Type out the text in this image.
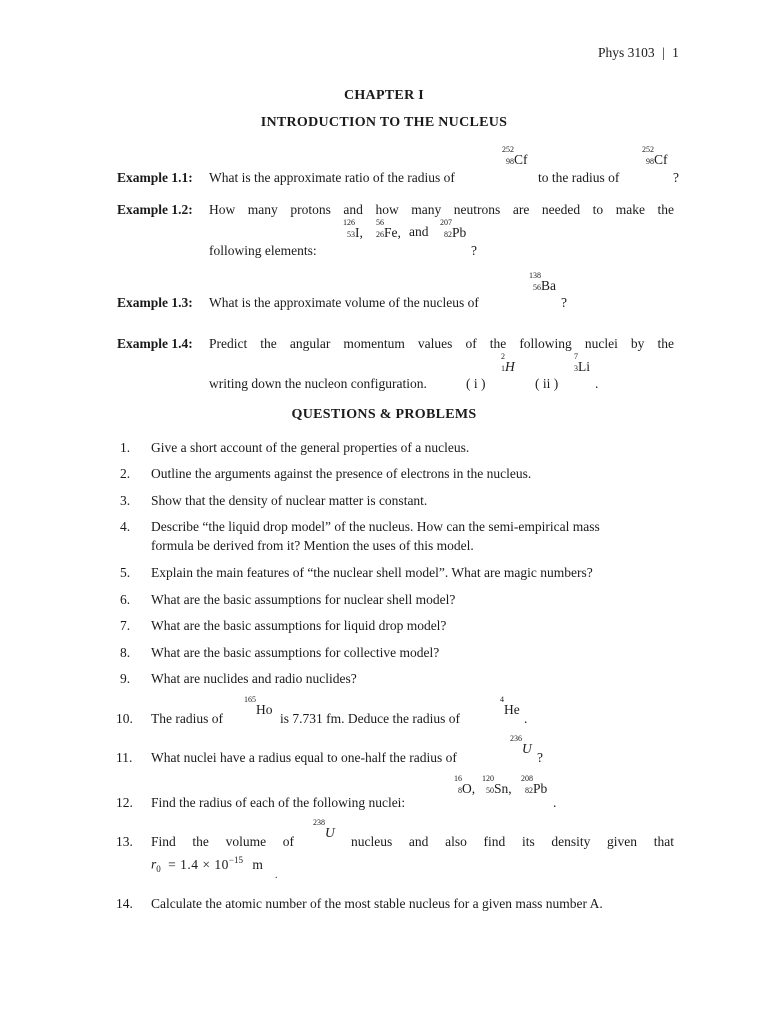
Phys 3103 | 1
CHAPTER I
INTRODUCTION TO THE NUCLEUS
Example 1.1: What is the approximate ratio of the radius of	to the radius of	?
252
98 Cf
252
98 Cf
Example 1.2: How many protons and how many neutrons are needed to make the
126
53 I,
56
26 Fe, and
207
82 Pb
following elements:	?
138
56 Ba
Example 1.3: What is the approximate volume of the nucleus of	?
Example 1.4: Predict the angular momentum values of the following nuclei by the
2
1 H
7
3 Li
writing down the nucleon configuration.	( i )	( ii )	.
QUESTIONS & PROBLEMS
1. Give a short account of the general properties of a nucleus.
2. Outline the arguments against the presence of electrons in the nucleus.
3. Show that the density of nuclear matter is constant.
4. Describe “the liquid drop model” of the nucleus. How can the semi-empirical mass
formula be derived from it? Mention the uses of this model.
5. Explain the main features of “the nuclear shell model”. What are magic numbers?
6. What are the basic assumptions for nuclear shell model?
7. What are the basic assumptions for liquid drop model?
8. What are the basic assumptions for collective model?
9. What are nuclides and radio nuclides?
165
Ho
4
He
10. The radius of	is 7.731 fm. Deduce the radius of	.
236
U
11. What nuclei have a radius equal to one-half the radius of	?
16
8 O,
120
50 Sn,
208
82 Pb
12. Find the radius of each of the following nuclei:	.
238
U
13. Find the volume of	nucleus and also find its density given that
$r_0 = 1.4 \times 10^{-15}$ m
.
14. Calculate the atomic number of the most stable nucleus for a given mass number A.
